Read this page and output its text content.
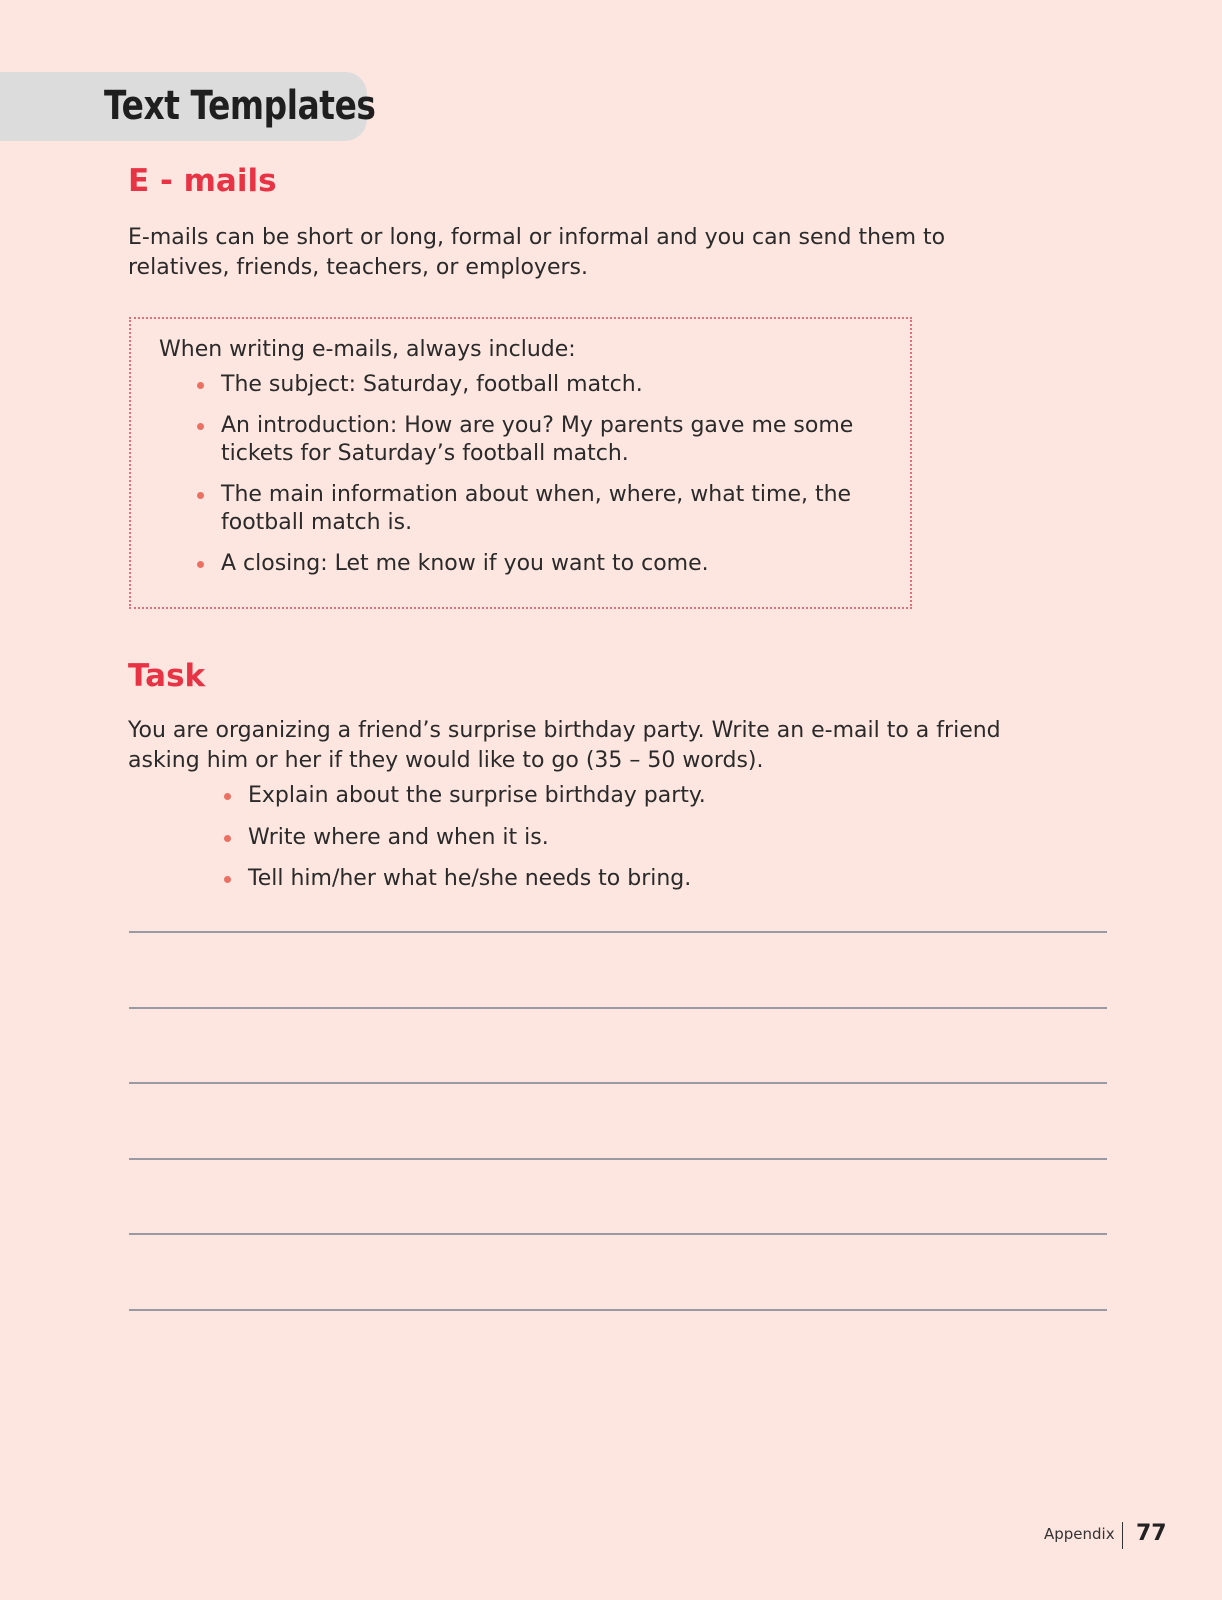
Text Templates
E - mails

E-mails can be short or long, formal or informal and you can send them to relatives, friends, teachers, or employers.

When writing e-mails, always include:

The subject: Saturday, football match.
An introduction: How are you? My parents gave me some tickets for Saturday’s football match.
The main information about when, where, what time, the football match is.
A closing: Let me know if you want to come.
Task

You are organizing a friend’s surprise birthday party. Write an e-mail to a friend asking him or her if they would like to go (35 – 50 words).

Explain about the surprise birthday party.
Write where and when it is.
Tell him/her what he/she needs to bring.
Appendix 77
